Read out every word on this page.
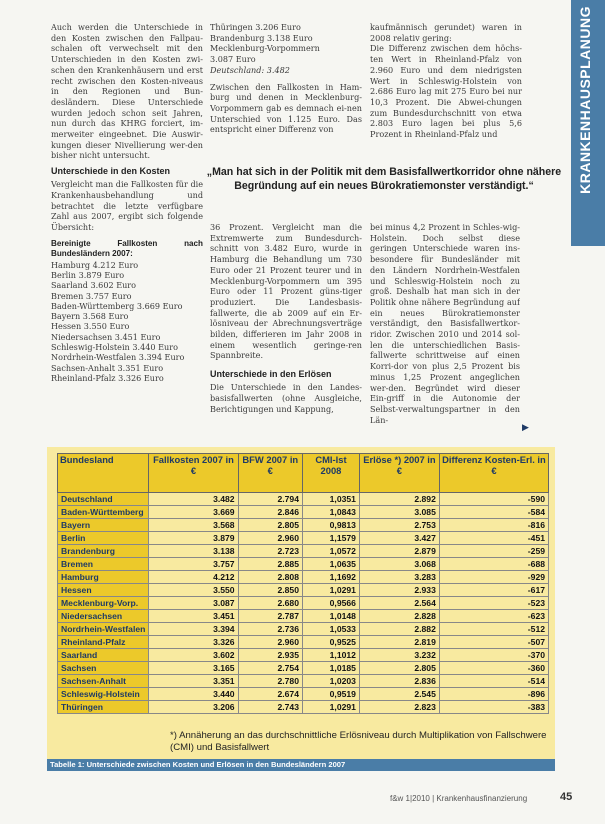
KRANKENHAUSPLANUNG

Auch werden die Unterschiede in den Kosten zwischen den Fallpau-schalen oft verwechselt mit den Unterschieden in den Kosten zwi-schen den Krankenhäusern und erst recht zwischen den Kosten-niveaus in den Regionen und Bun-desländern. Diese Unterschiede wurden jedoch schon seit Jahren, nun durch das KHRG forciert, im-merweiter eingeebnet. Die Auswir-kungen dieser Nivellierung wer-den bisher nicht untersucht.

Unterschiede in den Kosten

Vergleicht man die Fallkosten für die Krankenhausbehandlung und betrachtet die letzte verfügbare Zahl aus 2007, ergibt sich folgende Übersicht:

Bereinigte Fallkosten nach Bundesländern 2007:
Hamburg 4.212 Euro
Berlin 3.879 Euro
Saarland 3.602 Euro
Bremen 3.757 Euro
Baden-Württemberg 3.669 Euro
Bayern 3.568 Euro
Hessen 3.550 Euro
Niedersachsen 3.451 Euro
Schleswig-Holstein 3.440 Euro
Nordrhein-Westfalen 3.394 Euro
Sachsen-Anhalt 3.351 Euro
Rheinland-Pfalz 3.326 Euro
Thüringen 3.206 Euro
Brandenburg 3.138 Euro
Mecklenburg-Vorpommern
3.087 Euro
Deutschland: 3.482

Zwischen den Fallkosten in Ham-burg und denen in Mecklenburg-Vorpommern gab es demnach ei-nen Unterschied von 1.125 Euro. Das entspricht einer Differenz von

kaufmännisch gerundet) waren in 2008 relativ gering:

Die Differenz zwischen dem höchs-ten Wert in Rheinland-Pfalz von 2.960 Euro und dem niedrigsten Wert in Schleswig-Holstein von 2.686 Euro lag mit 275 Euro bei nur 10,3 Prozent. Die Abwei-chungen zum Bundesdurchschnitt von etwa 2.803 Euro lagen bei plus 5,6 Prozent in Rheinland-Pfalz und

„Man hat sich in der Politik mit dem Basisfallwertkorridor ohne nähere Begründung auf ein neues Bürokratiemonster verständigt.“

36 Prozent. Vergleicht man die Extremwerte zum Bundesdurch-schnitt von 3.482 Euro, wurde in Hamburg die Behandlung um 730 Euro oder 21 Prozent teurer und in Mecklenburg-Vorpommern um 395 Euro oder 11 Prozent güns-tiger produziert. Die Landesbasis-fallwerte, die ab 2009 auf ein Er-lösniveau der Abrechnungsverträge bilden, differieren im Jahr 2008 in einem wesentlich geringe-ren Spannbreite.

Unterschiede in den Erlösen

Die Unterschiede in den Landes-basisfallwerten (ohne Ausgleiche, Berichtigungen und Kappung,

bei minus 4,2 Prozent in Schles-wig-Holstein. Doch selbst diese geringen Unterschiede waren ins-besondere für Bundesländer mit den Ländern Nordrhein-Westfalen und Schleswig-Holstein noch zu groß. Deshalb hat man sich in der Politik ohne nähere Begründung auf ein neues Bürokratiemonster verständigt, den Basisfallwertkor-ridor. Zwischen 2010 und 2014 sol-len die unterschiedlichen Basis-fallwerte schrittweise auf einen Korri-dor von plus 2,5 Prozent bis minus 1,25 Prozent angeglichen wer-den. Begründet wird dieser Ein-griff in die Autonomie der Selbst-verwaltungspartner in den Län-

▶
Bundesland	Fallkosten 2007 in €	BFW 2007 in €	CMI-Ist 2008	Erlöse *) 2007 in €	Differenz Kosten-Erl. in €
Deutschland	3.482	2.794	1,0351	2.892	-590
Baden-Württemberg	3.669	2.846	1,0843	3.085	-584
Bayern	3.568	2.805	0,9813	2.753	-816
Berlin	3.879	2.960	1,1579	3.427	-451
Brandenburg	3.138	2.723	1,0572	2.879	-259
Bremen	3.757	2.885	1,0635	3.068	-688
Hamburg	4.212	2.808	1,1692	3.283	-929
Hessen	3.550	2.850	1,0291	2.933	-617
Mecklenburg-Vorp.	3.087	2.680	0,9566	2.564	-523
Niedersachsen	3.451	2.787	1,0148	2.828	-623
Nordrhein-Westfalen	3.394	2.736	1,0533	2.882	-512
Rheinland-Pfalz	3.326	2.960	0,9525	2.819	-507
Saarland	3.602	2.935	1,1012	3.232	-370
Sachsen	3.165	2.754	1,0185	2.805	-360
Sachsen-Anhalt	3.351	2.780	1,0203	2.836	-514
Schleswig-Holstein	3.440	2.674	0,9519	2.545	-896
Thüringen	3.206	2.743	1,0291	2.823	-383
*) Annäherung an das durchschnittliche Erlösniveau durch Multiplikation von Fallschwere (CMI) und Basisfallwert
Tabelle 1: Unterschiede zwischen Kosten und Erlösen in den Bundesländern 2007
f&w 1|2010 | Krankenhausfinanzierung	45
